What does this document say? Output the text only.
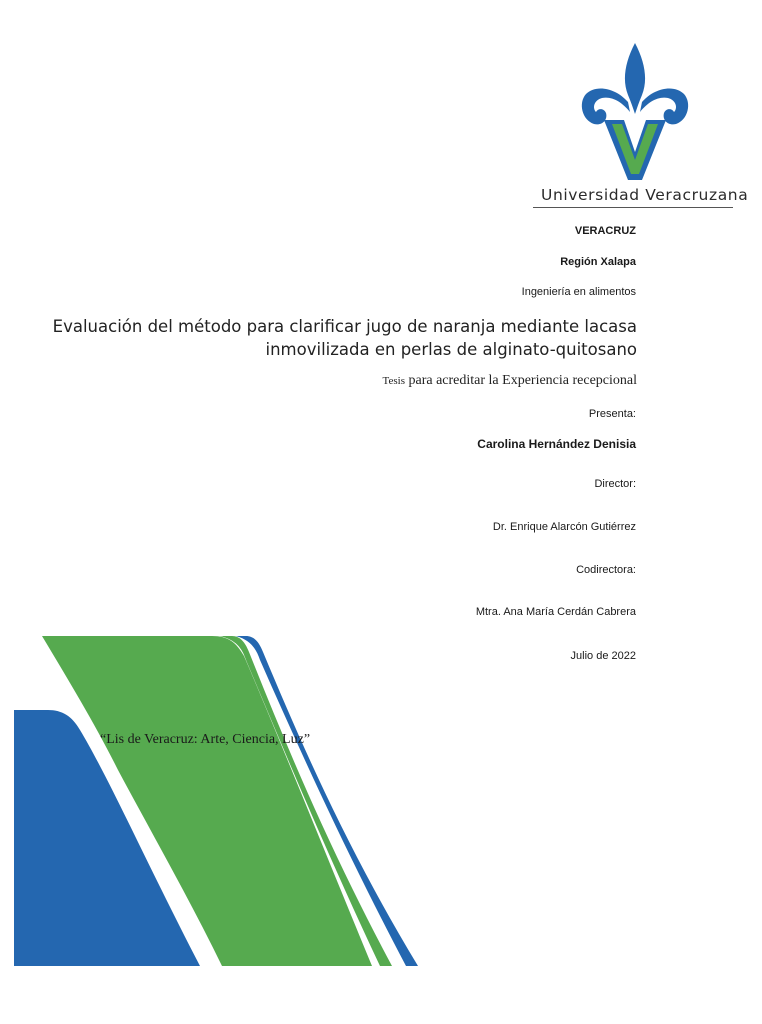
Universidad Veracruzana
VERACRUZ
Región Xalapa
Ingeniería en alimentos
Evaluación del método para clarificar jugo de naranja mediante lacasa
inmovilizada en perlas de alginato-quitosano
Tesis para acreditar la Experiencia recepcional
Presenta:
Carolina Hernández Denisia
Director:
Dr. Enrique Alarcón Gutiérrez
Codirectora:
Mtra. Ana María Cerdán Cabrera
Julio de 2022
“Lis de Veracruz: Arte, Ciencia, Luz”
